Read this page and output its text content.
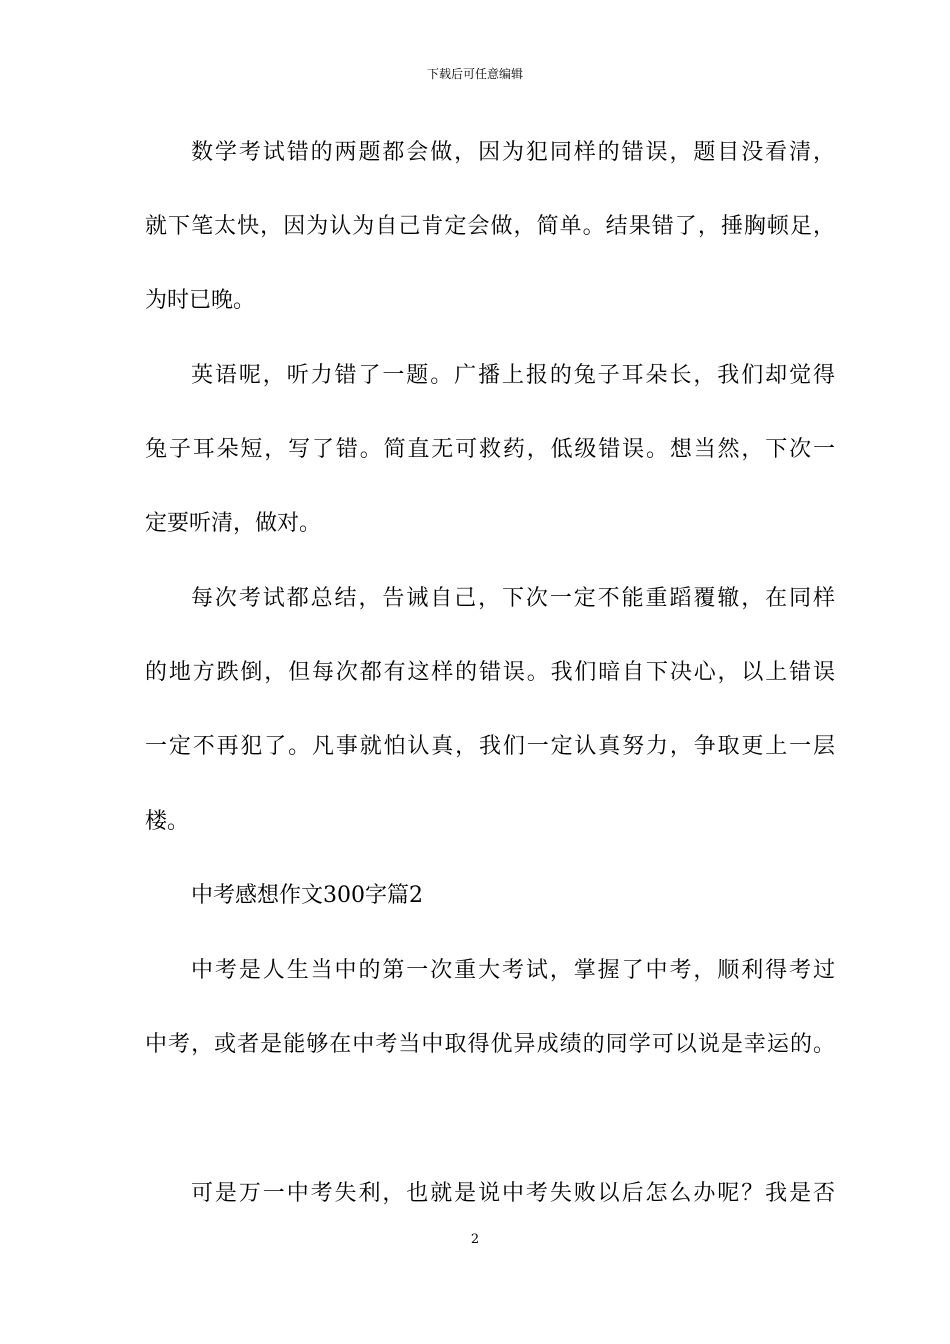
下载后可任意编辑
数学考试错的两题都会做，因为犯同样的错误，题目没看清，
就下笔太快，因为认为自己肯定会做，简单。结果错了，捶胸顿足，
为时已晚。
英语呢，听力错了一题。广播上报的兔子耳朵长，我们却觉得
兔子耳朵短，写了错。简直无可救药，低级错误。想当然，下次一
定要听清，做对。
每次考试都总结，告诫自己，下次一定不能重蹈覆辙，在同样
的地方跌倒，但每次都有这样的错误。我们暗自下决心，以上错误
一定不再犯了。凡事就怕认真，我们一定认真努力，争取更上一层
楼。
中考感想作文300字篇2
中考是人生当中的第一次重大考试，掌握了中考，顺利得考过
中考，或者是能够在中考当中取得优异成绩的同学可以说是幸运的。
可是万一中考失利，也就是说中考失败以后怎么办呢？我是否
2
